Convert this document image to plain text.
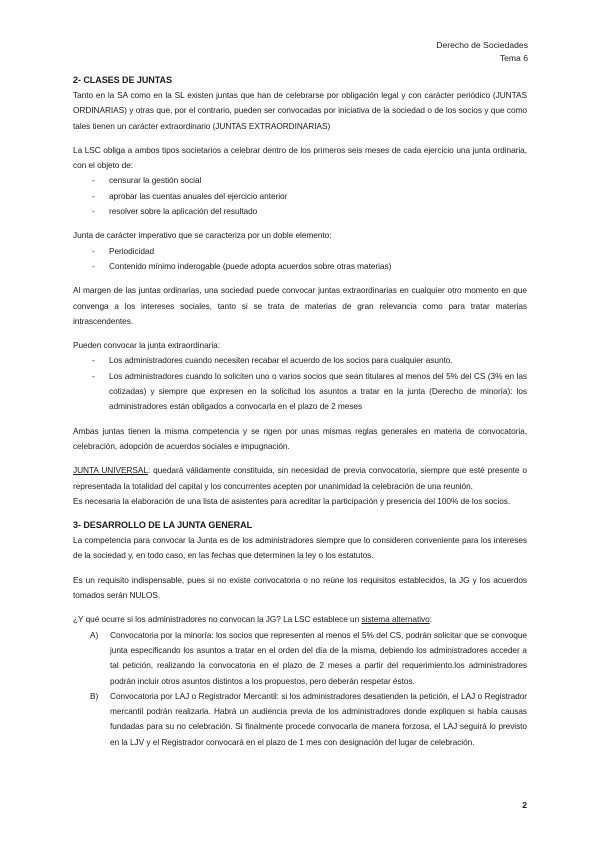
Derecho de Sociedades
Tema 6

2- CLASES DE JUNTAS

Tanto en la SA como en la SL existen juntas que han de celebrarse por obligación legal y con carácter periódico (JUNTAS ORDINARIAS) y otras que, por el contrario, pueden ser convocadas por iniciativa de la sociedad o de los socios y que como tales tienen un carácter extraordinario (JUNTAS EXTRAORDINARIAS)

La LSC obliga a ambos tipos societarios a celebrar dentro de los primeros seis meses de cada ejercicio una junta ordinaria, con el objeto de:

- censurar la gestión social
- aprobar las cuentas anuales del ejercicio anterior
- resolver sobre la aplicación del resultado

Junta de carácter imperativo que se caracteriza por un doble elemento:

- Periodicidad
- Contenido mínimo inderogable (puede adopta acuerdos sobre otras materias)

Al margen de las juntas ordinarias, una sociedad puede convocar juntas extraordinarias en cualquier otro momento en que convenga a los intereses sociales, tanto si se trata de materias de gran relevancia como para tratar materias intrascendentes.

Pueden convocar la junta extraordinaria:

- Los administradores cuando necesiten recabar el acuerdo de los socios para cualquier asunto.
- Los administradores cuando lo soliciten uno o varios socios que sean titulares al menos del 5% del CS (3% en las cotizadas) y siempre que expresen en la solicitud los asuntos a tratar en la junta (Derecho de minoría): los administradores están obligados a convocarla en el plazo de 2 meses

Ambas juntas tienen la misma competencia y se rigen por unas mismas reglas generales en materia de convocatoria, celebración, adopción de acuerdos sociales e impugnación.

JUNTA UNIVERSAL: quedará válidamente constituida, sin necesidad de previa convocatoria, siempre que esté presente o representada la totalidad del capital y los concurrentes acepten por unanimidad la celebración de una reunión.

Es necesaria la elaboración de una lista de asistentes para acreditar la participación y presencia del 100% de los socios.

3- DESARROLLO DE LA JUNTA GENERAL

La competencia para convocar la Junta es de los administradores siempre que lo consideren conveniente para los intereses de la sociedad y, en todo caso, en las fechas que determinen la ley o los estatutos.

Es un requisito indispensable, pues si no existe convocatoria o no reúne los requisitos establecidos, la JG y los acuerdos tomados serán NULOS.

¿Y qué ocurre si los administradores no convocan la JG? La LSC establece un sistema alternativo:

A) Convocatoria por la minoría: los socios que representen al menos el 5% del CS, podrán solicitar que se convoque junta especificando los asuntos a tratar en el orden del día de la misma, debiendo los administradores acceder a tal petición, realizando la convocatoria en el plazo de 2 meses a partir del requerimiento.los administradores podrán incluir otros asuntos distintos a los propuestos, pero deberán respetar éstos.
B) Convocatoria por LAJ o Registrador Mercantil: si los administradores desatienden la petición, el LAJ o Registrador mercantil podrán realizarla. Habrá un audiencia previa de los administradores donde expliquen si había causas fundadas para su no celebración. Si finalmente procede convocarla de manera forzosa, el LAJ seguirá lo previsto en la LJV y el Registrador convocará en el plazo de 1 mes con designación del lugar de celebración.
2
